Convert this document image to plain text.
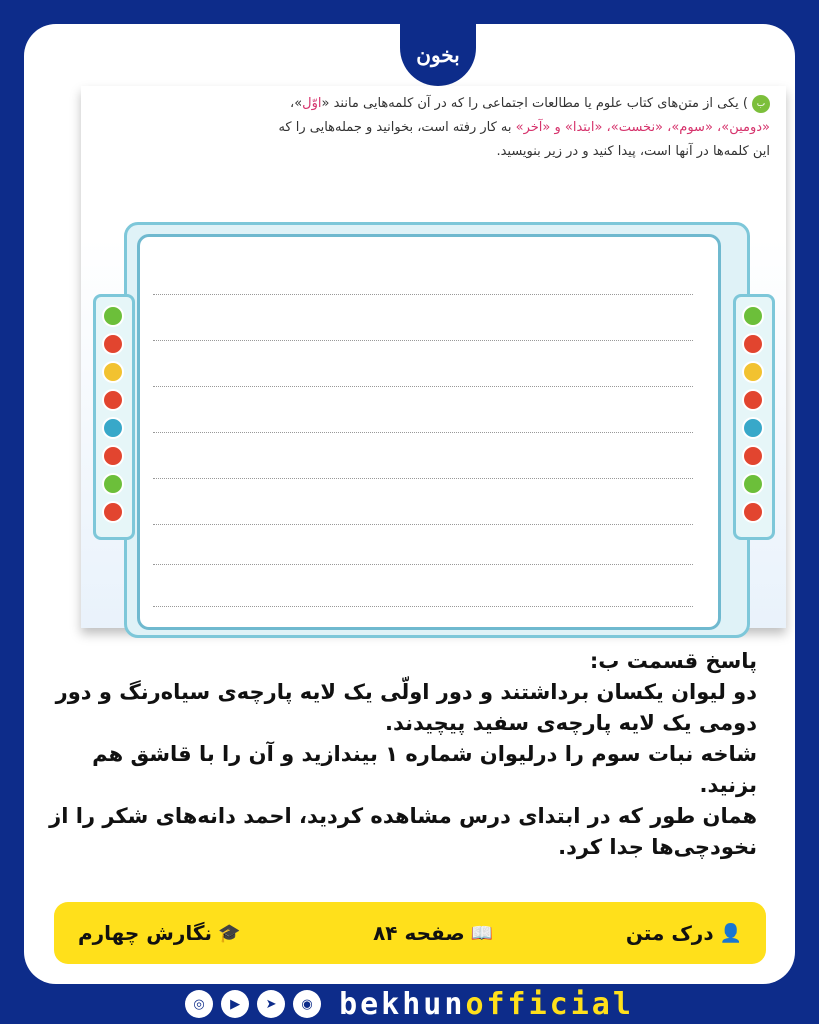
بخون

ب) یکی از متن‌های کتاب علوم یا مطالعات اجتماعی را که در آن کلمه‌هایی مانند «اوّل»،

«دومین»، «سوم»، «نخست»، «ابتدا» و «آخر» به کار رفته است، بخوانید و جمله‌هایی را که

این کلمه‌ها در آنها است، پیدا کنید و در زیر بنویسید.

پاسخ قسمت ب:

دو لیوان یکسان برداشتند و دور اولّی یک لایه پارچه‌ی سیاه‌رنگ و دور دومی یک لایه پارچه‌ی سفید پیچیدند.

شاخه نبات سوم را درلیوان شماره ۱ بیندازید و آن را با قاشق هم بزنید.

همان طور که در ابتدای درس مشاهده کردید، احمد دانه‌های شکر را از نخودچی‌ها جدا کرد.

👤
درک متن
📖
صفحه ۸۴
🎓
نگارش چهارم
◎	▶	➤	◉ bekhunofficial
